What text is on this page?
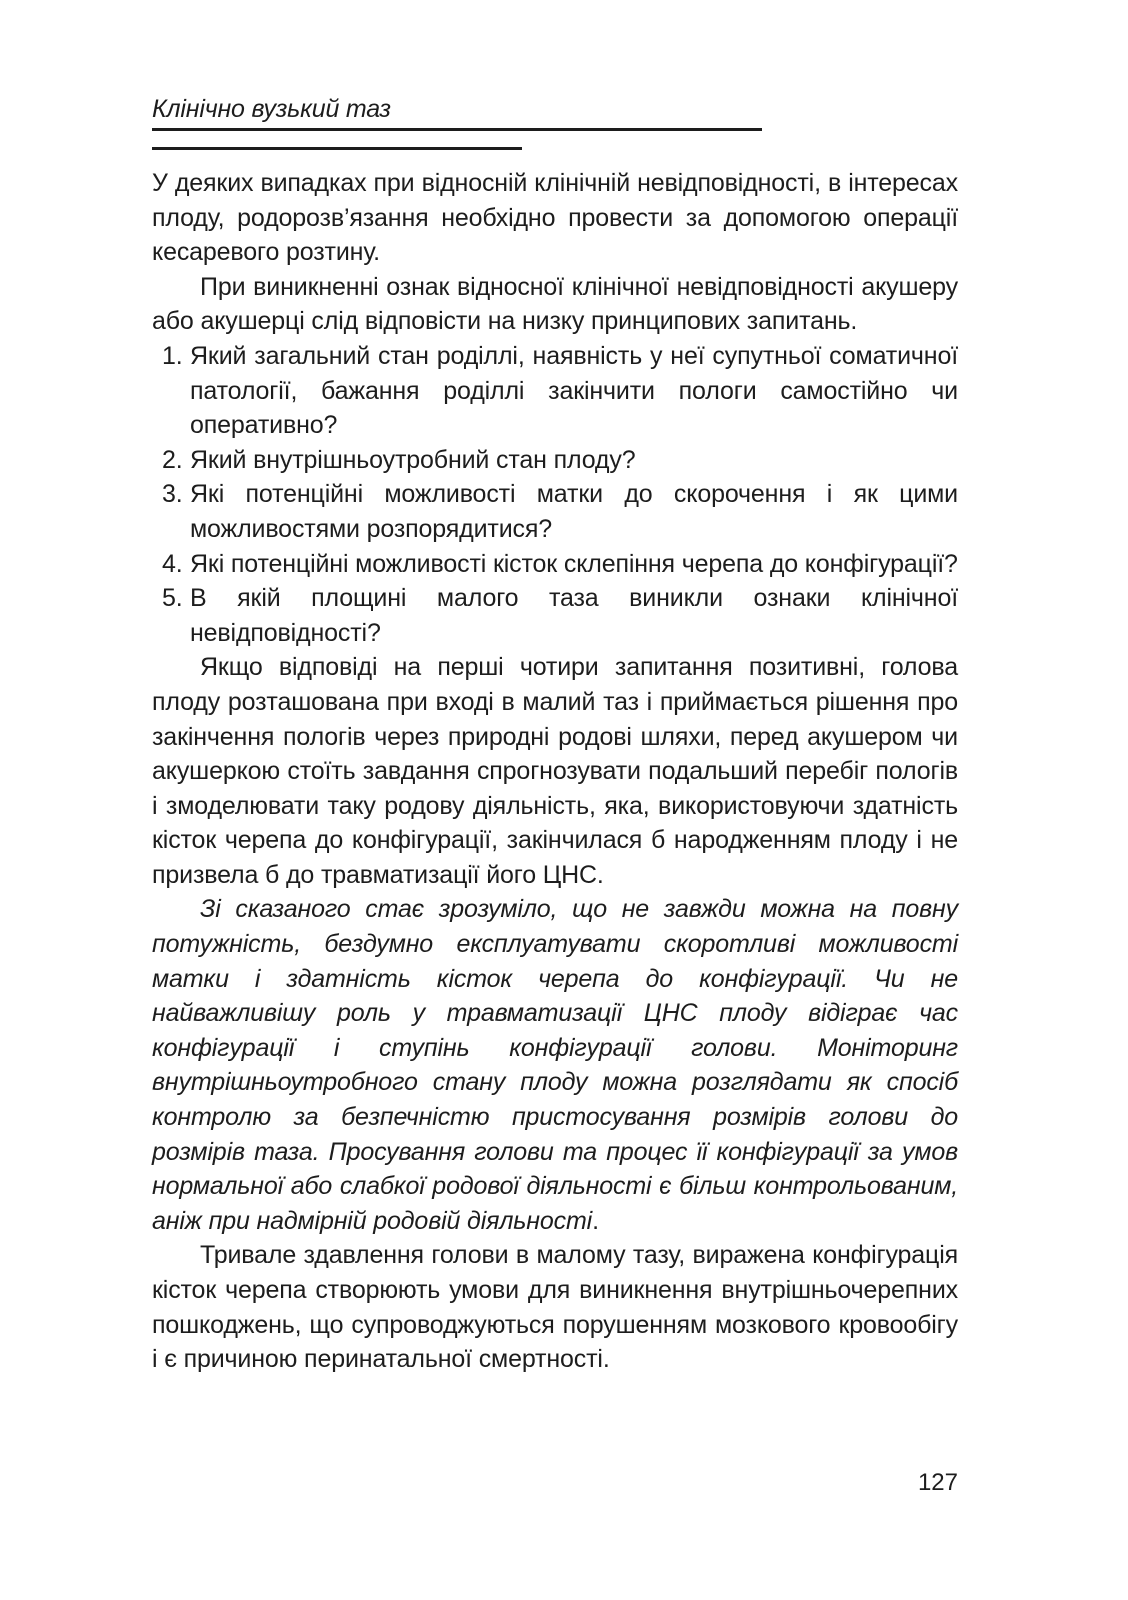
Клінічно вузький таз

У деяких випадках при відносній клінічній невідповідності, в інтересах плоду, родорозв’язання необхідно провести за допомогою операції кесаревого розтину.

При виникненні ознак відносної клінічної невідповідності акушеру або акушерці слід відповісти на низку принципових запитань.

1. Який загальний стан роділлі, наявність у неї супутньої соматичної патології, бажання роділлі закінчити пологи самостійно чи оперативно?
2. Який внутрішньоутробний стан плоду?
3. Які потенційні можливості матки до скорочення і як цими можливостями розпорядитися?
4. Які потенційні можливості кісток склепіння черепа до конфігурації?
5. В якій площині малого таза виникли ознаки клінічної невідповідності?

Якщо відповіді на перші чотири запитання позитивні, голова плоду розташована при вході в малий таз і приймається рішення про закінчення пологів через природні родові шляхи, перед акушером чи акушеркою стоїть завдання спрогнозувати подальший перебіг пологів і змоделювати таку родову діяльність, яка, використовуючи здатність кісток черепа до конфігурації, закінчилася б народженням плоду і не призвела б до травматизації його ЦНС.

Зі сказаного стає зрозуміло, що не завжди можна на повну потужність, бездумно експлуатувати скоротливі можливості матки і здатність кісток черепа до конфігурації. Чи не найважливішу роль у травматизації ЦНС плоду відіграє час конфігурації і ступінь конфігурації голови. Моніторинг внутрішньоутробного стану плоду можна розглядати як спосіб контролю за безпечністю пристосування розмірів голови до розмірів таза. Просування голови та процес її конфігурації за умов нормальної або слабкої родової діяльності є більш контрольованим, аніж при надмірній родовій діяльності.

Тривале здавлення голови в малому тазу, виражена конфігурація кісток черепа створюють умови для виникнення внутрішньочерепних пошкоджень, що супроводжуються порушенням мозкового кровообігу і є причиною перинатальної смертності.

127
